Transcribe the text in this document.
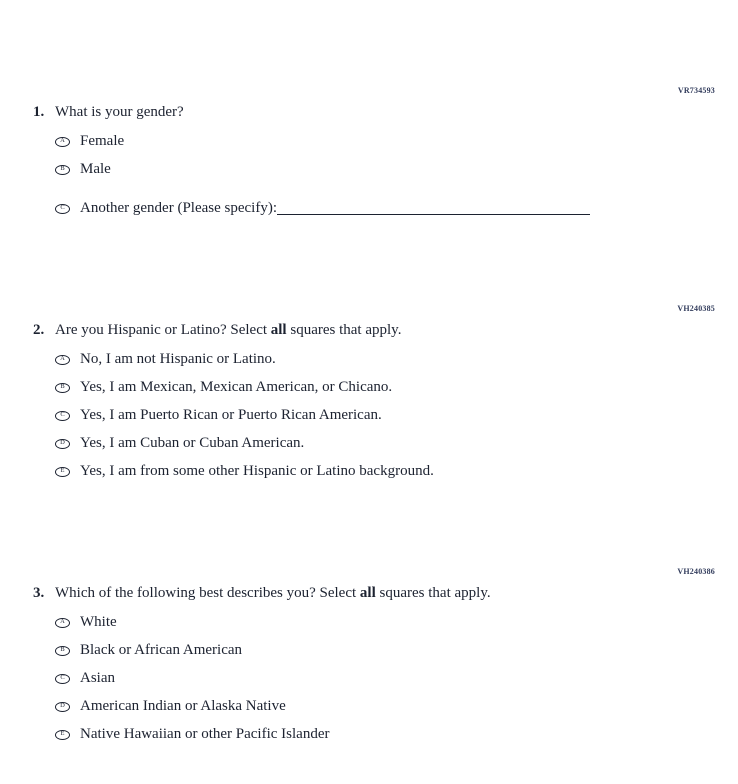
VR734593
1. What is your gender?
A Female
B Male
C Another gender (Please specify):
VH240385
2. Are you Hispanic or Latino? Select all squares that apply.
A No, I am not Hispanic or Latino.
B Yes, I am Mexican, Mexican American, or Chicano.
C Yes, I am Puerto Rican or Puerto Rican American.
D Yes, I am Cuban or Cuban American.
E Yes, I am from some other Hispanic or Latino background.
VH240386
3. Which of the following best describes you? Select all squares that apply.
A White
B Black or African American
C Asian
D American Indian or Alaska Native
E Native Hawaiian or other Pacific Islander
